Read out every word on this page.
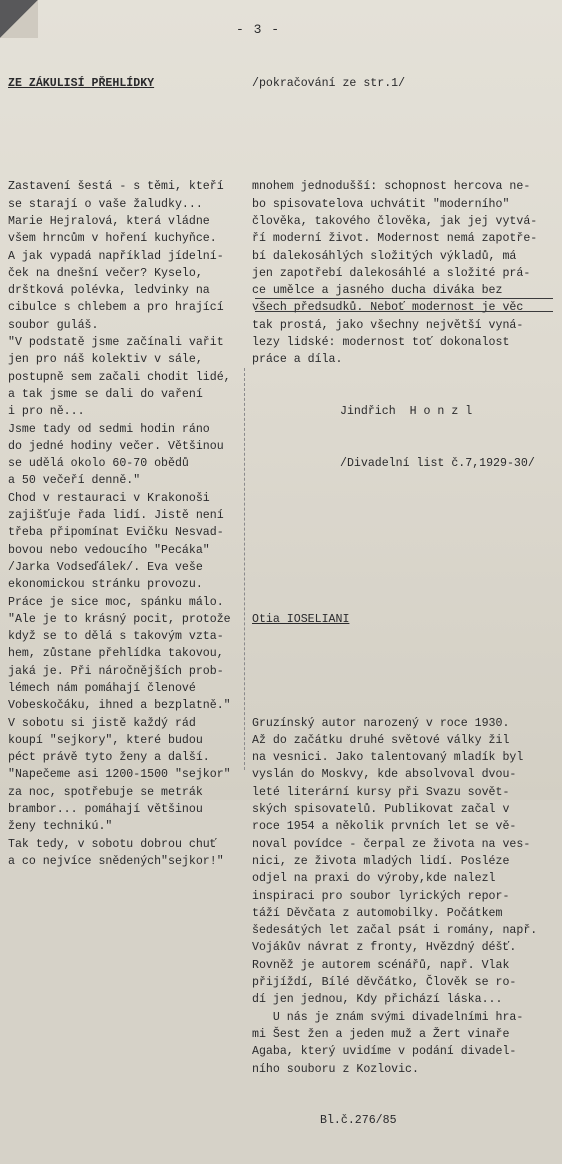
- 3 -

ZE ZÁKULISÍ PŘEHLÍDKY

Zastavení šestá - s těmi, kteří
se starají o vaše žaludky...
Marie Hejralová, která vládne
všem hrncům v hoření kuchyňce.
A jak vypadá například jídelní-
ček na dnešní večer? Kyselo,
drštková polévka, ledvinky na
cibulce s chlebem a pro hrající
soubor guláš.
"V podstatě jsme začínali vařit
jen pro náš kolektiv v sále,
postupně sem začali chodit lidé,
a tak jsme se dali do vaření
i pro ně...
Jsme tady od sedmi hodin ráno
do jedné hodiny večer. Většinou
se udělá okolo 60-70 obědů
a 50 večeří denně."
Chod v restauraci v Krakonoši
zajišťuje řada lidí. Jistě není
třeba připomínat Evičku Nesvad-
bovou nebo vedoucího "Pecáka"
/Jarka Vodseďálek/. Eva veše
ekonomickou stránku provozu.
Práce je sice moc, spánku málo.
"Ale je to krásný pocit, protože
když se to dělá s takovým vzta-
hem, zůstane přehlídka takovou,
jaká je. Při náročnějších prob-
lémech nám pomáhají členové
Vobeskočáku, ihned a bezplatně."
V sobotu si jistě každý rád
koupí "sejkory", které budou
péct právě tyto ženy a další.
"Napečeme asi 1200-1500 "sejkor"
za noc, spotřebuje se metrák
brambor... pomáhají většinou
ženy technikú."
Tak tedy, v sobotu dobrou chuť
a co nejvíce snědených"sejkor!"

/pokračování ze str.1/

mnohem jednodušší: schopnost hercova ne-
bo spisovatelova uchvátit "moderního"
člověka, takového člověka, jak jej vytvá-
ří moderní život. Modernost nemá zapotře-
bí dalekosáhlých složitých výkladů, má
jen zapotřebí dalekosáhlé a složité prá-
ce umělce a jasného ducha diváka bez
všech předsudků. Neboť modernost je věc
tak prostá, jako všechny největší vyná-
lezy lidské: modernost toť dokonalost
práce a díla.

Jindřich  H o n z l

/Divadelní list č.7,1929-30/

Otia IOSELIANI

Gruzínský autor narozený v roce 1930.
Až do začátku druhé světové války žil
na vesnici. Jako talentovaný mladík byl
vyslán do Moskvy, kde absolvoval dvou-
leté literární kursy při Svazu sovět-
ských spisovatelů. Publikovat začal v
roce 1954 a několik prvních let se vě-
noval povídce - čerpal ze života na ves-
nici, ze života mladých lidí. Posléze
odjel na praxi do výroby,kde nalezl
inspiraci pro soubor lyrických repor-
táží Děvčata z automobilky. Počátkem
šedesátých let začal psát i romány, např.
Vojákův návrat z fronty, Hvězdný déšť.
Rovněž je autorem scénářů, např. Vlak
přijíždí, Bílé děvčátko, Člověk se ro-
dí jen jednou, Kdy přichází láska...
U nás je znám svými divadelními hra-
mi Šest žen a jeden muž a Žert vinaře
Agaba, který uvidíme v podání divadel-
ního souboru z Kozlovic.

Bl.č.276/85
